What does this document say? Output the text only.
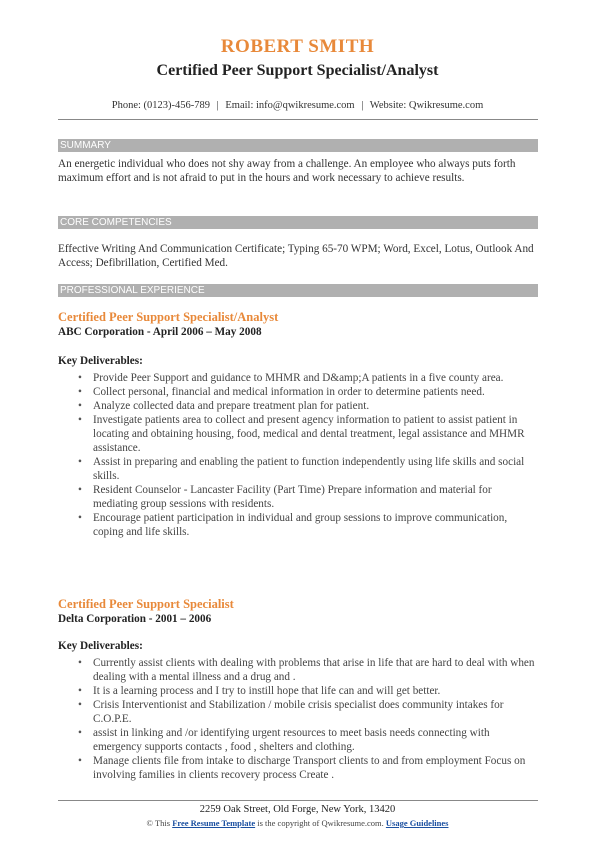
ROBERT SMITH
Certified Peer Support Specialist/Analyst
Phone: (0123)-456-789 | Email: info@qwikresume.com | Website: Qwikresume.com
SUMMARY
An energetic individual who does not shy away from a challenge. An employee who always puts forth maximum effort and is not afraid to put in the hours and work necessary to achieve results.
CORE COMPETENCIES
Effective Writing And Communication Certificate; Typing 65-70 WPM; Word, Excel, Lotus, Outlook And Access; Defibrillation, Certified Med.
PROFESSIONAL EXPERIENCE
Certified Peer Support Specialist/Analyst
ABC Corporation - April 2006 – May 2008
Key Deliverables:
• Provide Peer Support and guidance to MHMR and D&amp;A patients in a five county area.
• Collect personal, financial and medical information in order to determine patients need.
• Analyze collected data and prepare treatment plan for patient.
• Investigate patients area to collect and present agency information to patient to assist patient in locating and obtaining housing, food, medical and dental treatment, legal assistance and MHMR assistance.
• Assist in preparing and enabling the patient to function independently using life skills and social skills.
• Resident Counselor - Lancaster Facility (Part Time) Prepare information and material for mediating group sessions with residents.
• Encourage patient participation in individual and group sessions to improve communication, coping and life skills.
Certified Peer Support Specialist
Delta Corporation - 2001 – 2006
Key Deliverables:
• Currently assist clients with dealing with problems that arise in life that are hard to deal with when dealing with a mental illness and a drug and .
• It is a learning process and I try to instill hope that life can and will get better.
• Crisis Interventionist and Stabilization / mobile crisis specialist does community intakes for C.O.P.E.
• assist in linking and /or identifying urgent resources to meet basis needs connecting with emergency supports contacts , food , shelters and clothing.
• Manage clients file from intake to discharge Transport clients to and from employment Focus on involving families in clients recovery process Create .
2259 Oak Street, Old Forge, New York, 13420
© This Free Resume Template is the copyright of Qwikresume.com. Usage Guidelines
